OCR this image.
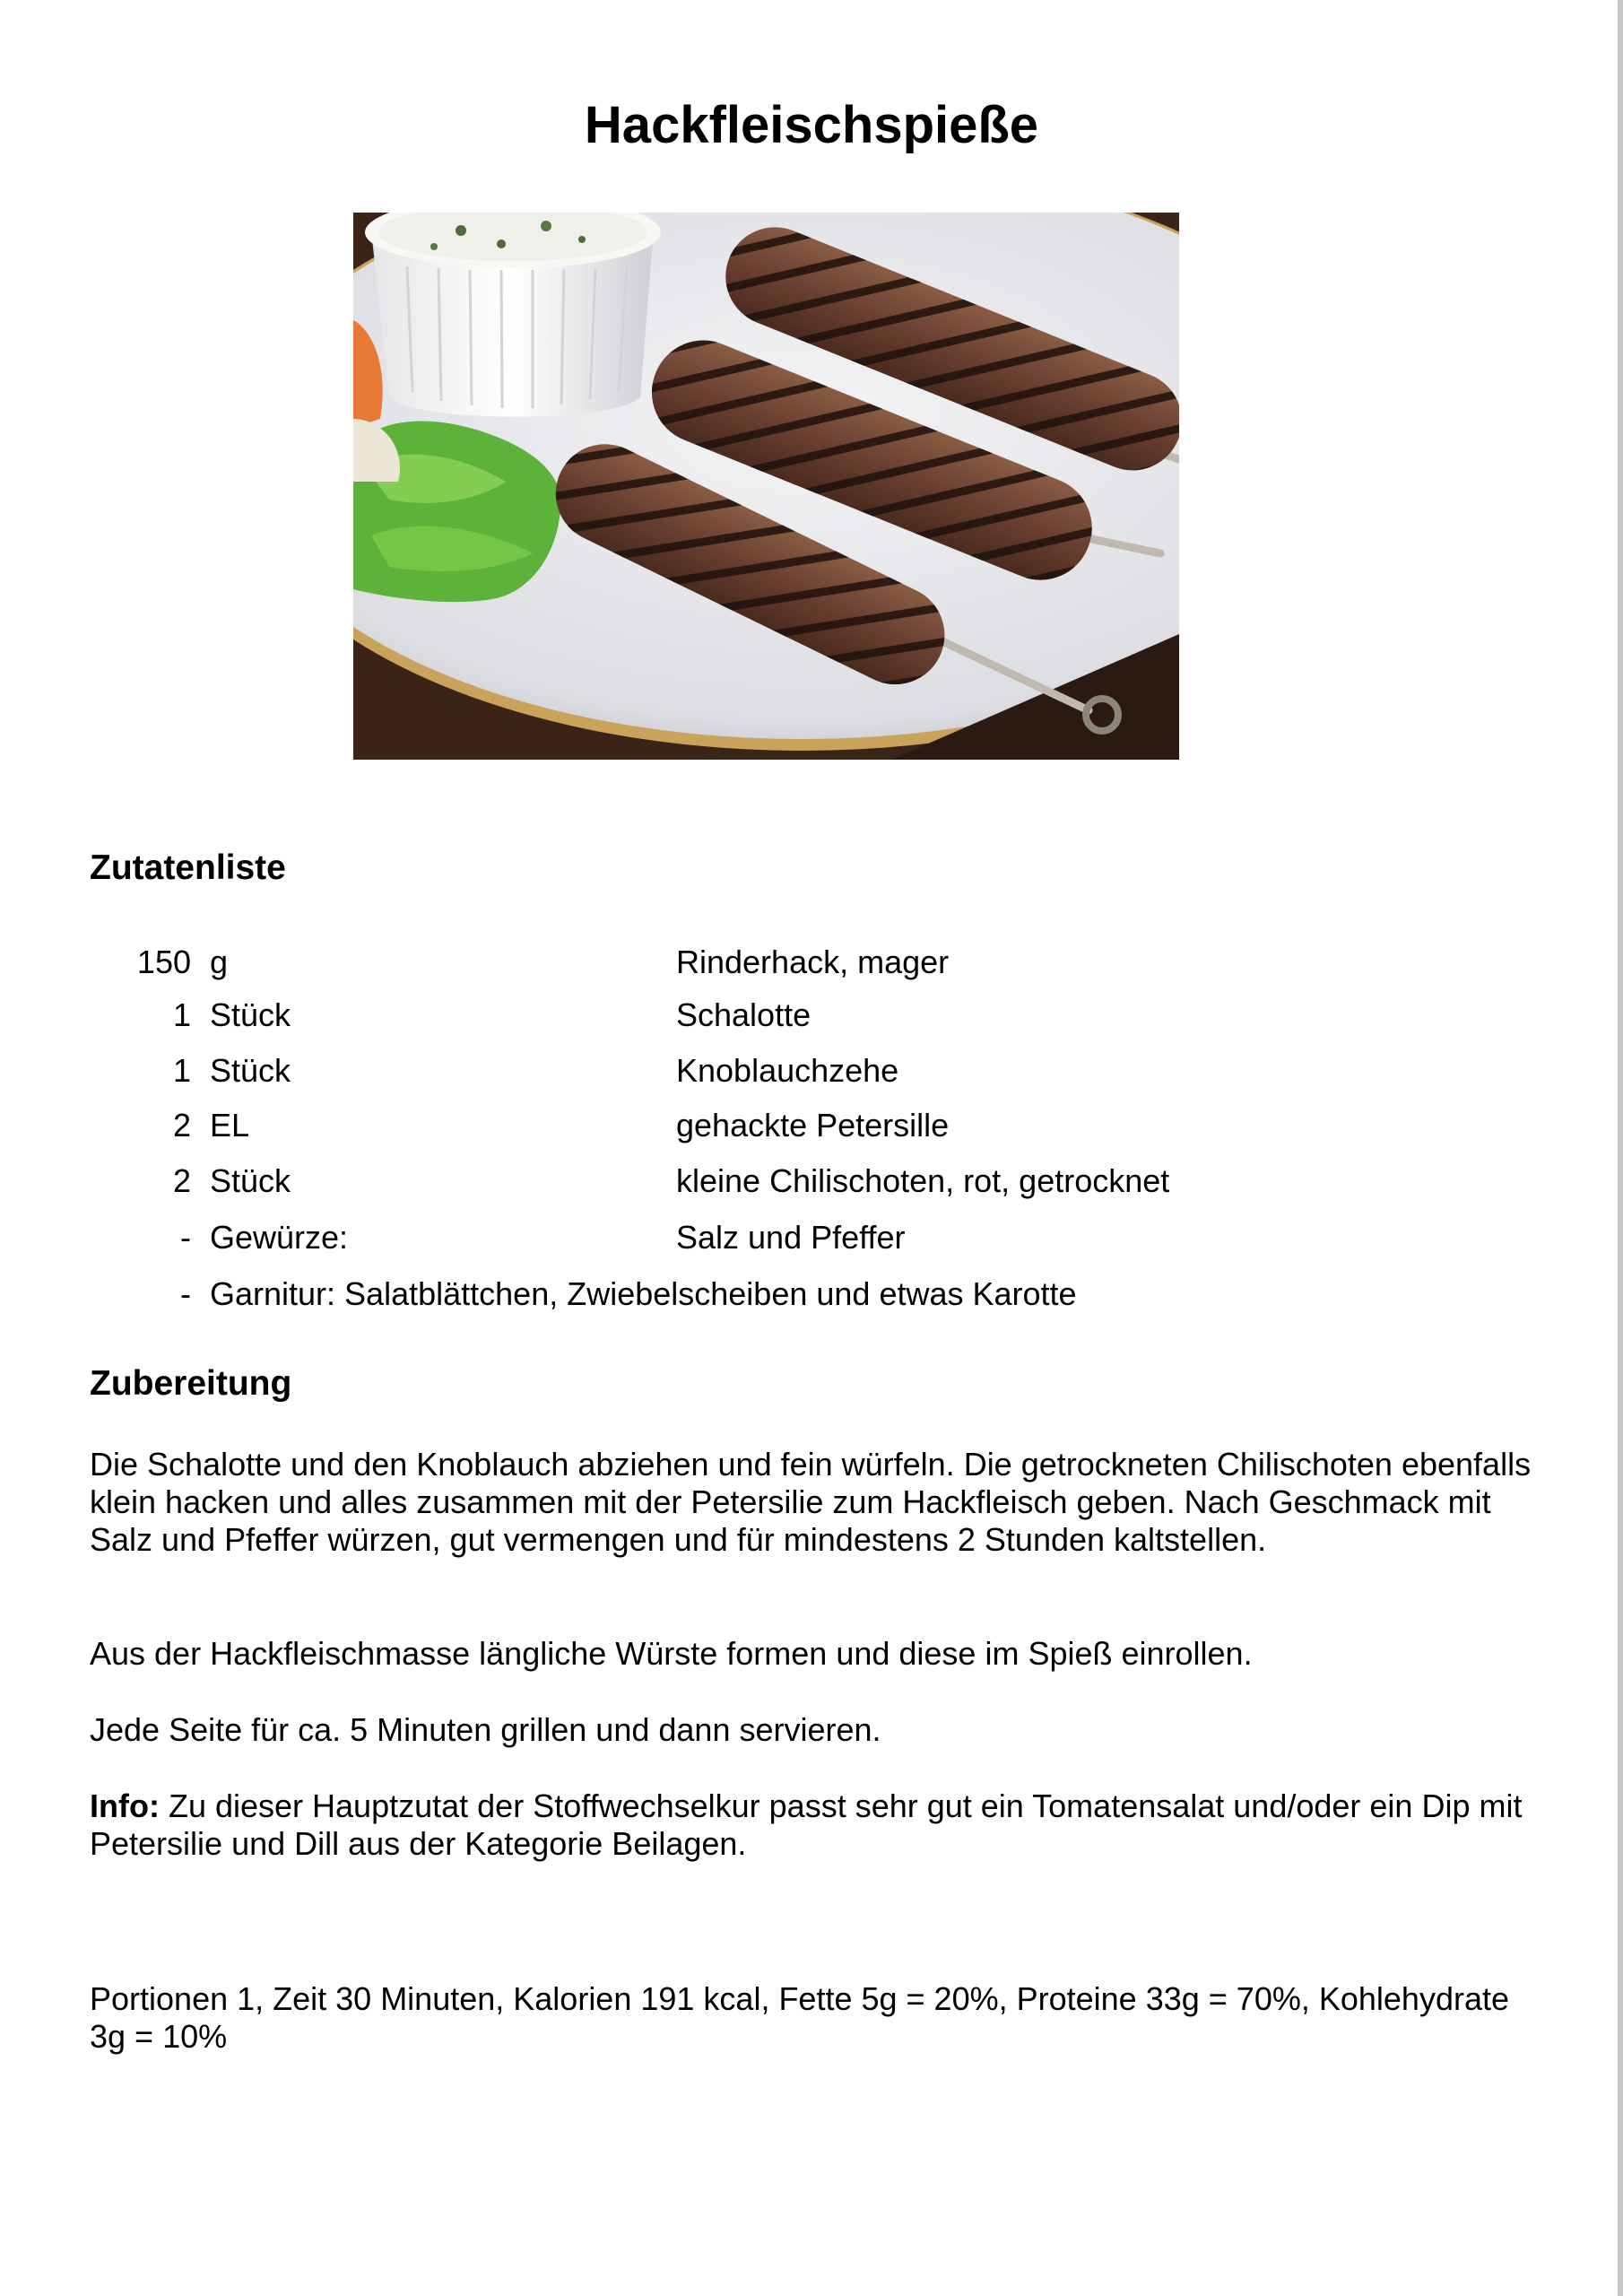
Hackfleischspieße
Zutatenliste
150 g	Rinderhack, mager
1 Stück	Schalotte
1 Stück	Knoblauchzehe
2 EL	gehackte Petersille
2 Stück	kleine Chilischoten, rot, getrocknet
- Gewürze:	Salz und Pfeffer
- Garnitur: Salatblättchen, Zwiebelscheiben und etwas Karotte
Zubereitung

Die Schalotte und den Knoblauch abziehen und fein würfeln. Die getrockneten Chilischoten ebenfalls klein hacken und alles zusammen mit der Petersilie zum Hackfleisch geben. Nach Geschmack mit Salz und Pfeffer würzen, gut vermengen und für mindestens 2 Stunden kaltstellen.

Aus der Hackfleischmasse längliche Würste formen und diese im Spieß einrollen.

Jede Seite für ca. 5 Minuten grillen und dann servieren.

Info: Zu dieser Hauptzutat der Stoffwechselkur passt sehr gut ein Tomatensalat und/oder ein Dip mit Petersilie und Dill aus der Kategorie Beilagen.

Portionen 1, Zeit 30 Minuten, Kalorien 191 kcal, Fette 5g = 20%, Proteine 33g = 70%, Kohlehydrate 3g = 10%
